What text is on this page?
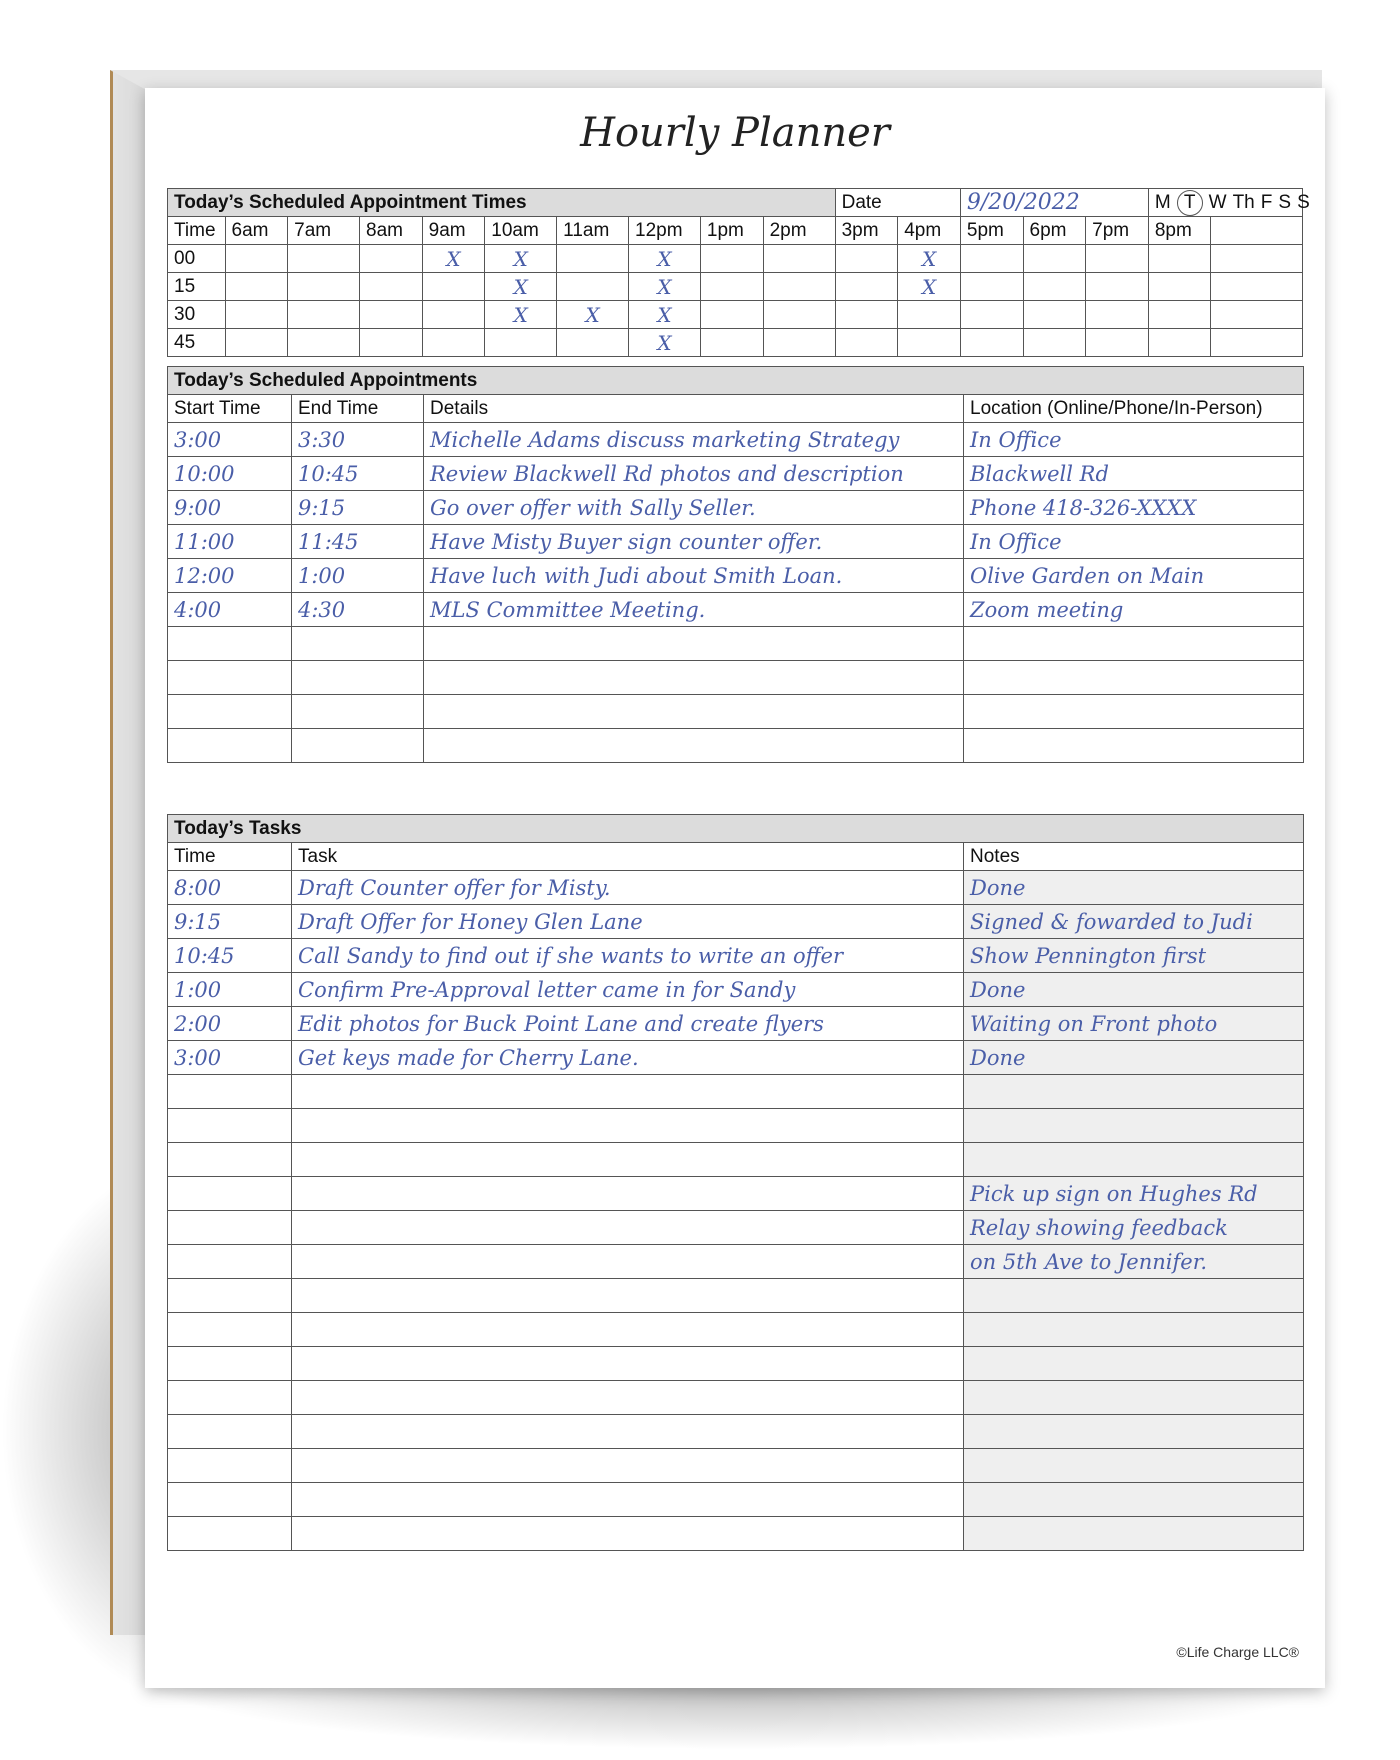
Hourly Planner
Today’s Scheduled Appointment Times										Date		9/20/2022			M T W Th F S S	
Time	6am	7am	8am	9am	10am	11am	12pm	1pm	2pm	3pm	4pm	5pm	6pm	7pm	8pm	
00				X	X		X				X					
15					X		X				X					
30					X	X	X									
45							X									
Today’s Scheduled Appointments			
Start Time	End Time	Details	Location (Online/Phone/In-Person)
3:00	3:30	Michelle Adams discuss marketing Strategy	In Office
10:00	10:45	Review Blackwell Rd photos and description	Blackwell Rd
9:00	9:15	Go over offer with Sally Seller.	Phone 418-326-XXXX
11:00	11:45	Have Misty Buyer sign counter offer.	In Office
12:00	1:00	Have luch with Judi about Smith Loan.	Olive Garden on Main
4:00	4:30	MLS Committee Meeting.	Zoom meeting

Today’s Tasks		
Time	Task	Notes
8:00	Draft Counter offer for Misty.	Done
9:15	Draft Offer for Honey Glen Lane	Signed & fowarded to Judi
10:45	Call Sandy to find out if she wants to write an offer	Show Pennington first
1:00	Confirm Pre-Approval letter came in for Sandy	Done
2:00	Edit photos for Buck Point Lane and create flyers	Waiting on Front photo
3:00	Get keys made for Cherry Lane.	Done

		Pick up sign on Hughes Rd
		Relay showing feedback
		on 5th Ave to Jennifer.

©Life Charge LLC®
